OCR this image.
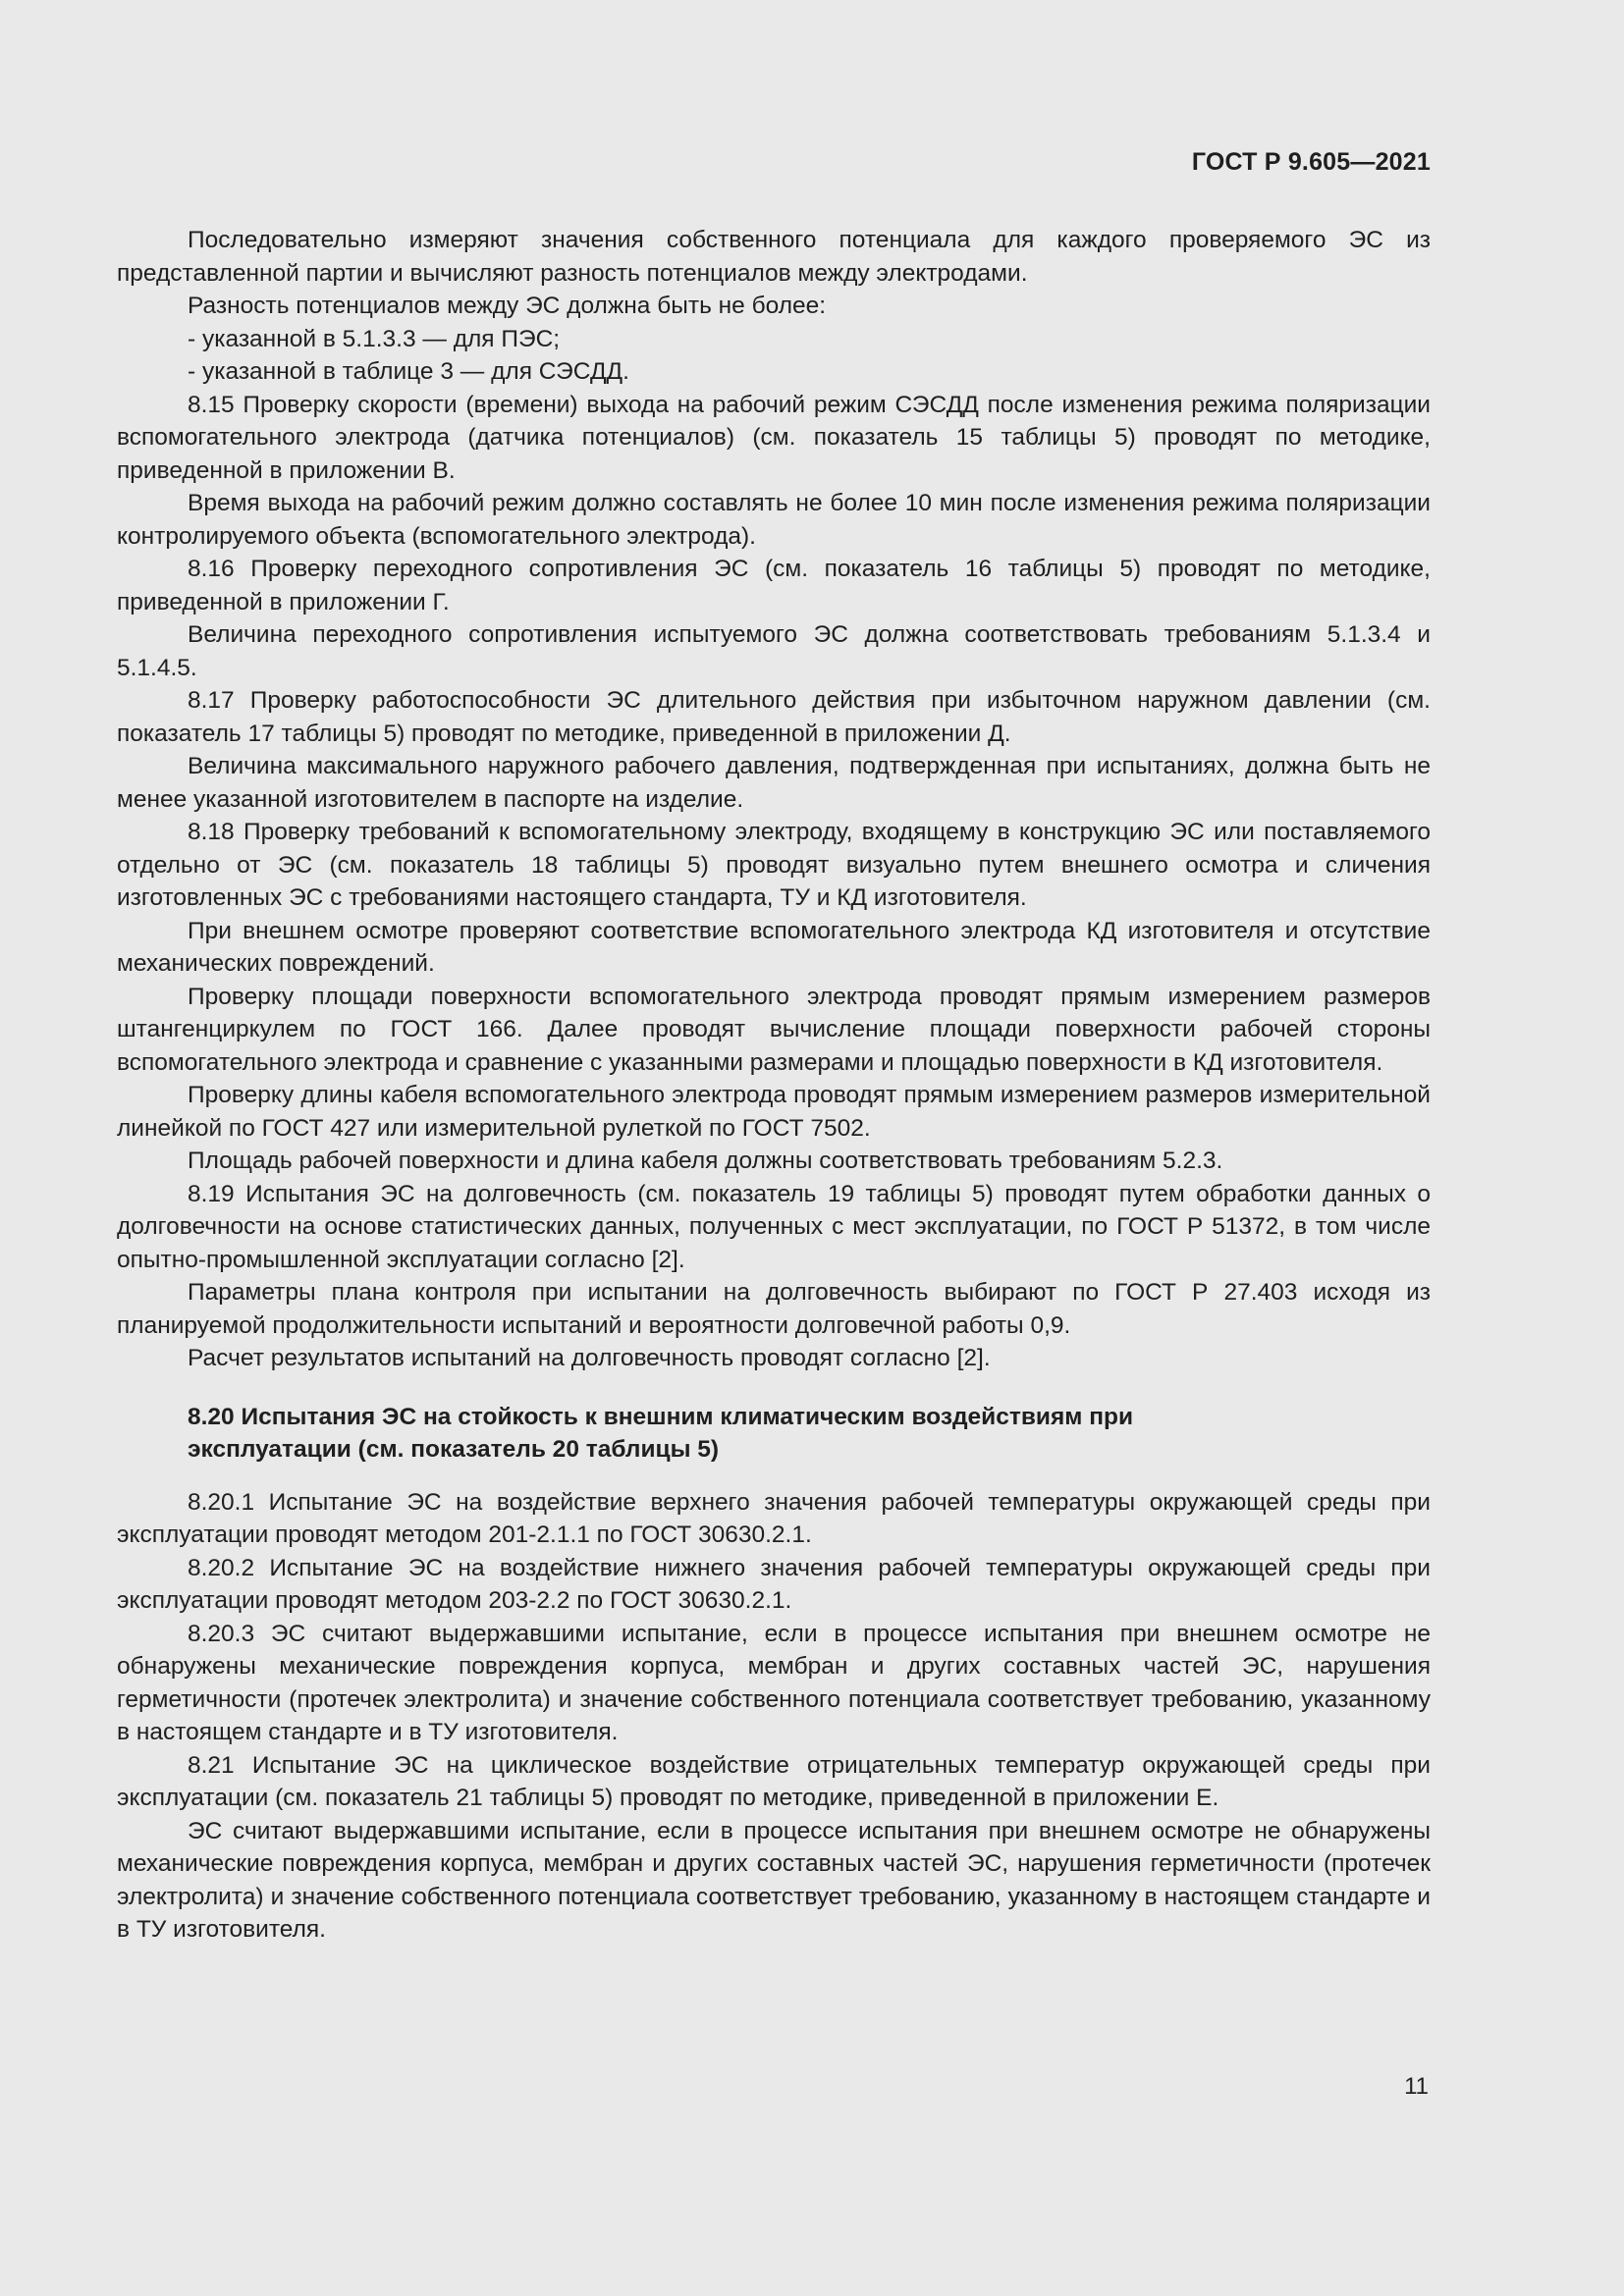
ГОСТ Р 9.605—2021

Последовательно измеряют значения собственного потенциала для каждого проверяемого ЭС из представленной партии и вычисляют разность потенциалов между электродами.

Разность потенциалов между ЭС должна быть не более:

- указанной в 5.1.3.3 — для ПЭС;

- указанной в таблице 3 — для СЭСДД.

8.15 Проверку скорости (времени) выхода на рабочий режим СЭСДД после изменения режима поляризации вспомогательного электрода (датчика потенциалов) (см. показатель 15 таблицы 5) проводят по методике, приведенной в приложении В.

Время выхода на рабочий режим должно составлять не более 10 мин после изменения режима поляризации контролируемого объекта (вспомогательного электрода).

8.16 Проверку переходного сопротивления ЭС (см. показатель 16 таблицы 5) проводят по методике, приведенной в приложении Г.

Величина переходного сопротивления испытуемого ЭС должна соответствовать требованиям 5.1.3.4 и 5.1.4.5.

8.17 Проверку работоспособности ЭС длительного действия при избыточном наружном давлении (см. показатель 17 таблицы 5) проводят по методике, приведенной в приложении Д.

Величина максимального наружного рабочего давления, подтвержденная при испытаниях, должна быть не менее указанной изготовителем в паспорте на изделие.

8.18 Проверку требований к вспомогательному электроду, входящему в конструкцию ЭС или поставляемого отдельно от ЭС (см. показатель 18 таблицы 5) проводят визуально путем внешнего осмотра и сличения изготовленных ЭС с требованиями настоящего стандарта, ТУ и КД изготовителя.

При внешнем осмотре проверяют соответствие вспомогательного электрода КД изготовителя и отсутствие механических повреждений.

Проверку площади поверхности вспомогательного электрода проводят прямым измерением размеров штангенциркулем по ГОСТ 166. Далее проводят вычисление площади поверхности рабочей стороны вспомогательного электрода и сравнение с указанными размерами и площадью поверхности в КД изготовителя.

Проверку длины кабеля вспомогательного электрода проводят прямым измерением размеров измерительной линейкой по ГОСТ 427 или измерительной рулеткой по ГОСТ 7502.

Площадь рабочей поверхности и длина кабеля должны соответствовать требованиям 5.2.3.

8.19 Испытания ЭС на долговечность (см. показатель 19 таблицы 5) проводят путем обработки данных о долговечности на основе статистических данных, полученных с мест эксплуатации, по ГОСТ Р 51372, в том числе опытно-промышленной эксплуатации согласно [2].

Параметры плана контроля при испытании на долговечность выбирают по ГОСТ Р 27.403 исходя из планируемой продолжительности испытаний и вероятности долговечной работы 0,9.

Расчет результатов испытаний на долговечность проводят согласно [2].

8.20 Испытания ЭС на стойкость к внешним климатическим воздействиям при эксплуатации (см. показатель 20 таблицы 5)

8.20.1 Испытание ЭС на воздействие верхнего значения рабочей температуры окружающей среды при эксплуатации проводят методом 201-2.1.1 по ГОСТ 30630.2.1.

8.20.2 Испытание ЭС на воздействие нижнего значения рабочей температуры окружающей среды при эксплуатации проводят методом 203-2.2 по ГОСТ 30630.2.1.

8.20.3 ЭС считают выдержавшими испытание, если в процессе испытания при внешнем осмотре не обнаружены механические повреждения корпуса, мембран и других составных частей ЭС, нарушения герметичности (протечек электролита) и значение собственного потенциала соответствует требованию, указанному в настоящем стандарте и в ТУ изготовителя.

8.21 Испытание ЭС на циклическое воздействие отрицательных температур окружающей среды при эксплуатации (см. показатель 21 таблицы 5) проводят по методике, приведенной в приложении Е.

ЭС считают выдержавшими испытание, если в процессе испытания при внешнем осмотре не обнаружены механические повреждения корпуса, мембран и других составных частей ЭС, нарушения герметичности (протечек электролита) и значение собственного потенциала соответствует требованию, указанному в настоящем стандарте и в ТУ изготовителя.

11
